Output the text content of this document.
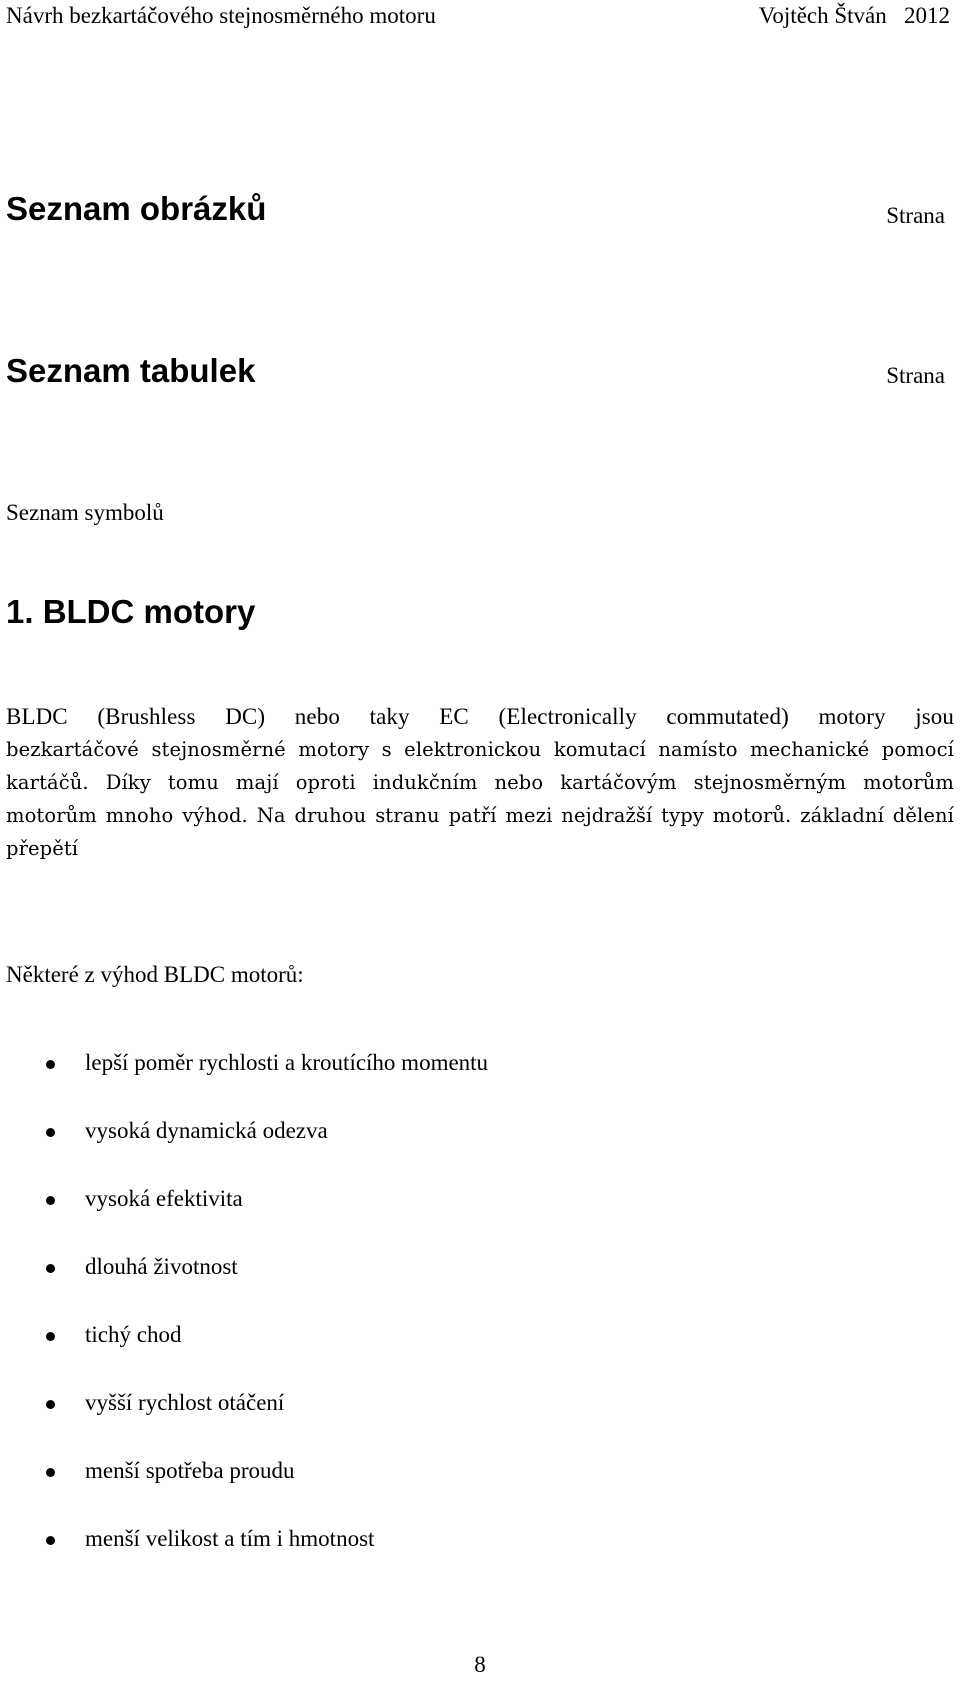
Návrh bezkartáčového stejnosměrného motoru	Vojtěch Štván   2012
Seznam obrázků	Strana
Seznam tabulek	Strana
Seznam symbolů
1. BLDC motory

BLDC (Brushless DC) nebo taky EC (Electronically commutated) motory jsou

bezkartáčové stejnosměrné motory s elektronickou komutací namísto mechanické pomocí kartáčů. Díky tomu mají oproti indukčním nebo kartáčovým stejnosměrným motorům motorům mnoho výhod. Na druhou stranu patří mezi nejdražší typy motorů. základní dělení přepětí

Některé z výhod BLDC motorů:
lepší poměr rychlosti a kroutícího momentu
vysoká dynamická odezva
vysoká efektivita
dlouhá životnost
tichý chod
vyšší rychlost otáčení
menší spotřeba proudu
menší velikost a tím i hmotnost
8
